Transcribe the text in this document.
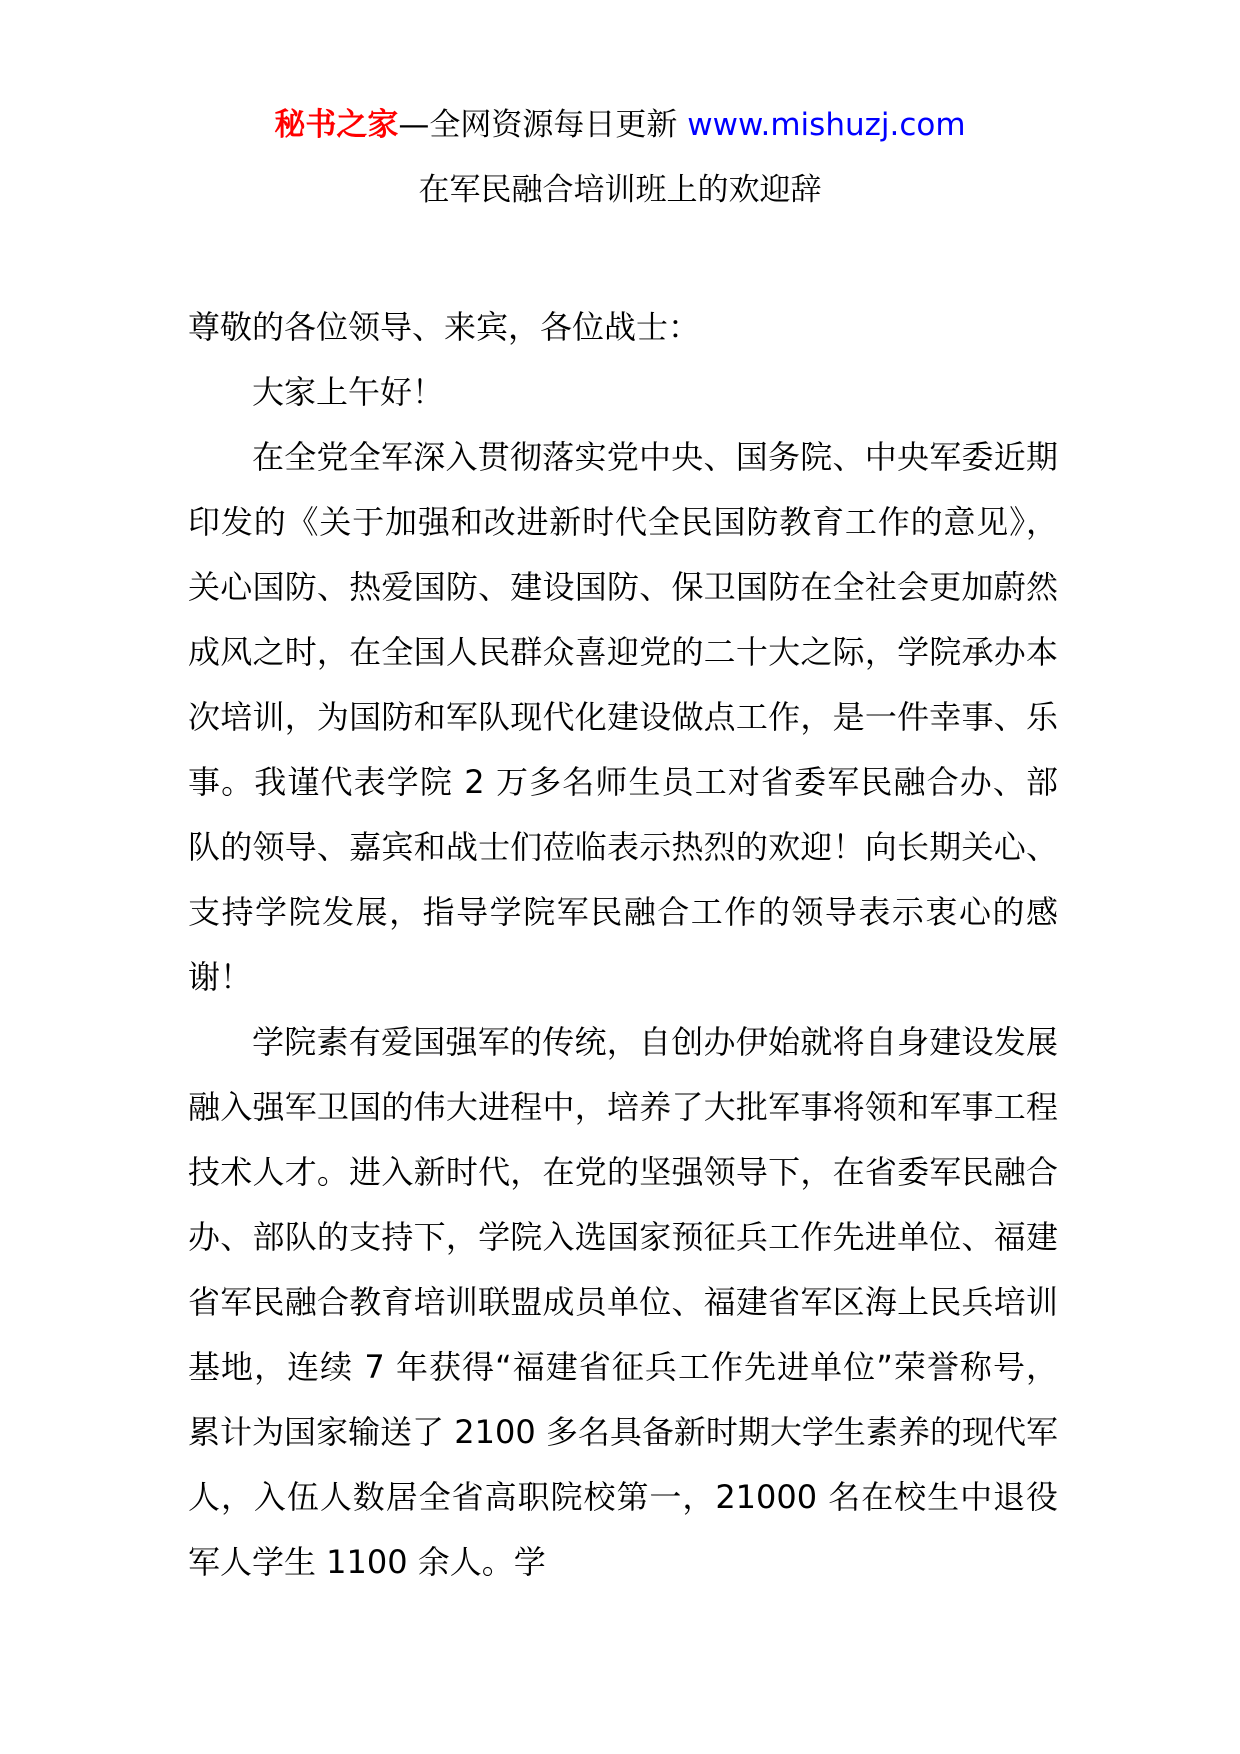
秘书之家—全网资源每日更新 www.mishuzj.com
在军民融合培训班上的欢迎辞

尊敬的各位领导、来宾，各位战士：

大家上午好！

在全党全军深入贯彻落实党中央、国务院、中央军委近期印发的《关于加强和改进新时代全民国防教育工作的意见》，关心国防、热爱国防、建设国防、保卫国防在全社会更加蔚然成风之时，在全国人民群众喜迎党的二十大之际，学院承办本次培训，为国防和军队现代化建设做点工作，是一件幸事、乐事。我谨代表学院 2 万多名师生员工对省委军民融合办、部队的领导、嘉宾和战士们莅临表示热烈的欢迎！向长期关心、支持学院发展，指导学院军民融合工作的领导表示衷心的感谢！

学院素有爱国强军的传统，自创办伊始就将自身建设发展融入强军卫国的伟大进程中，培养了大批军事将领和军事工程技术人才。进入新时代，在党的坚强领导下，在省委军民融合办、部队的支持下，学院入选国家预征兵工作先进单位、福建省军民融合教育培训联盟成员单位、福建省军区海上民兵培训基地，连续 7 年获得“福建省征兵工作先进单位”荣誉称号，累计为国家输送了 2100 多名具备新时期大学生素养的现代军人，入伍人数居全省高职院校第一，21000 名在校生中退役军人学生 1100 余人。学
